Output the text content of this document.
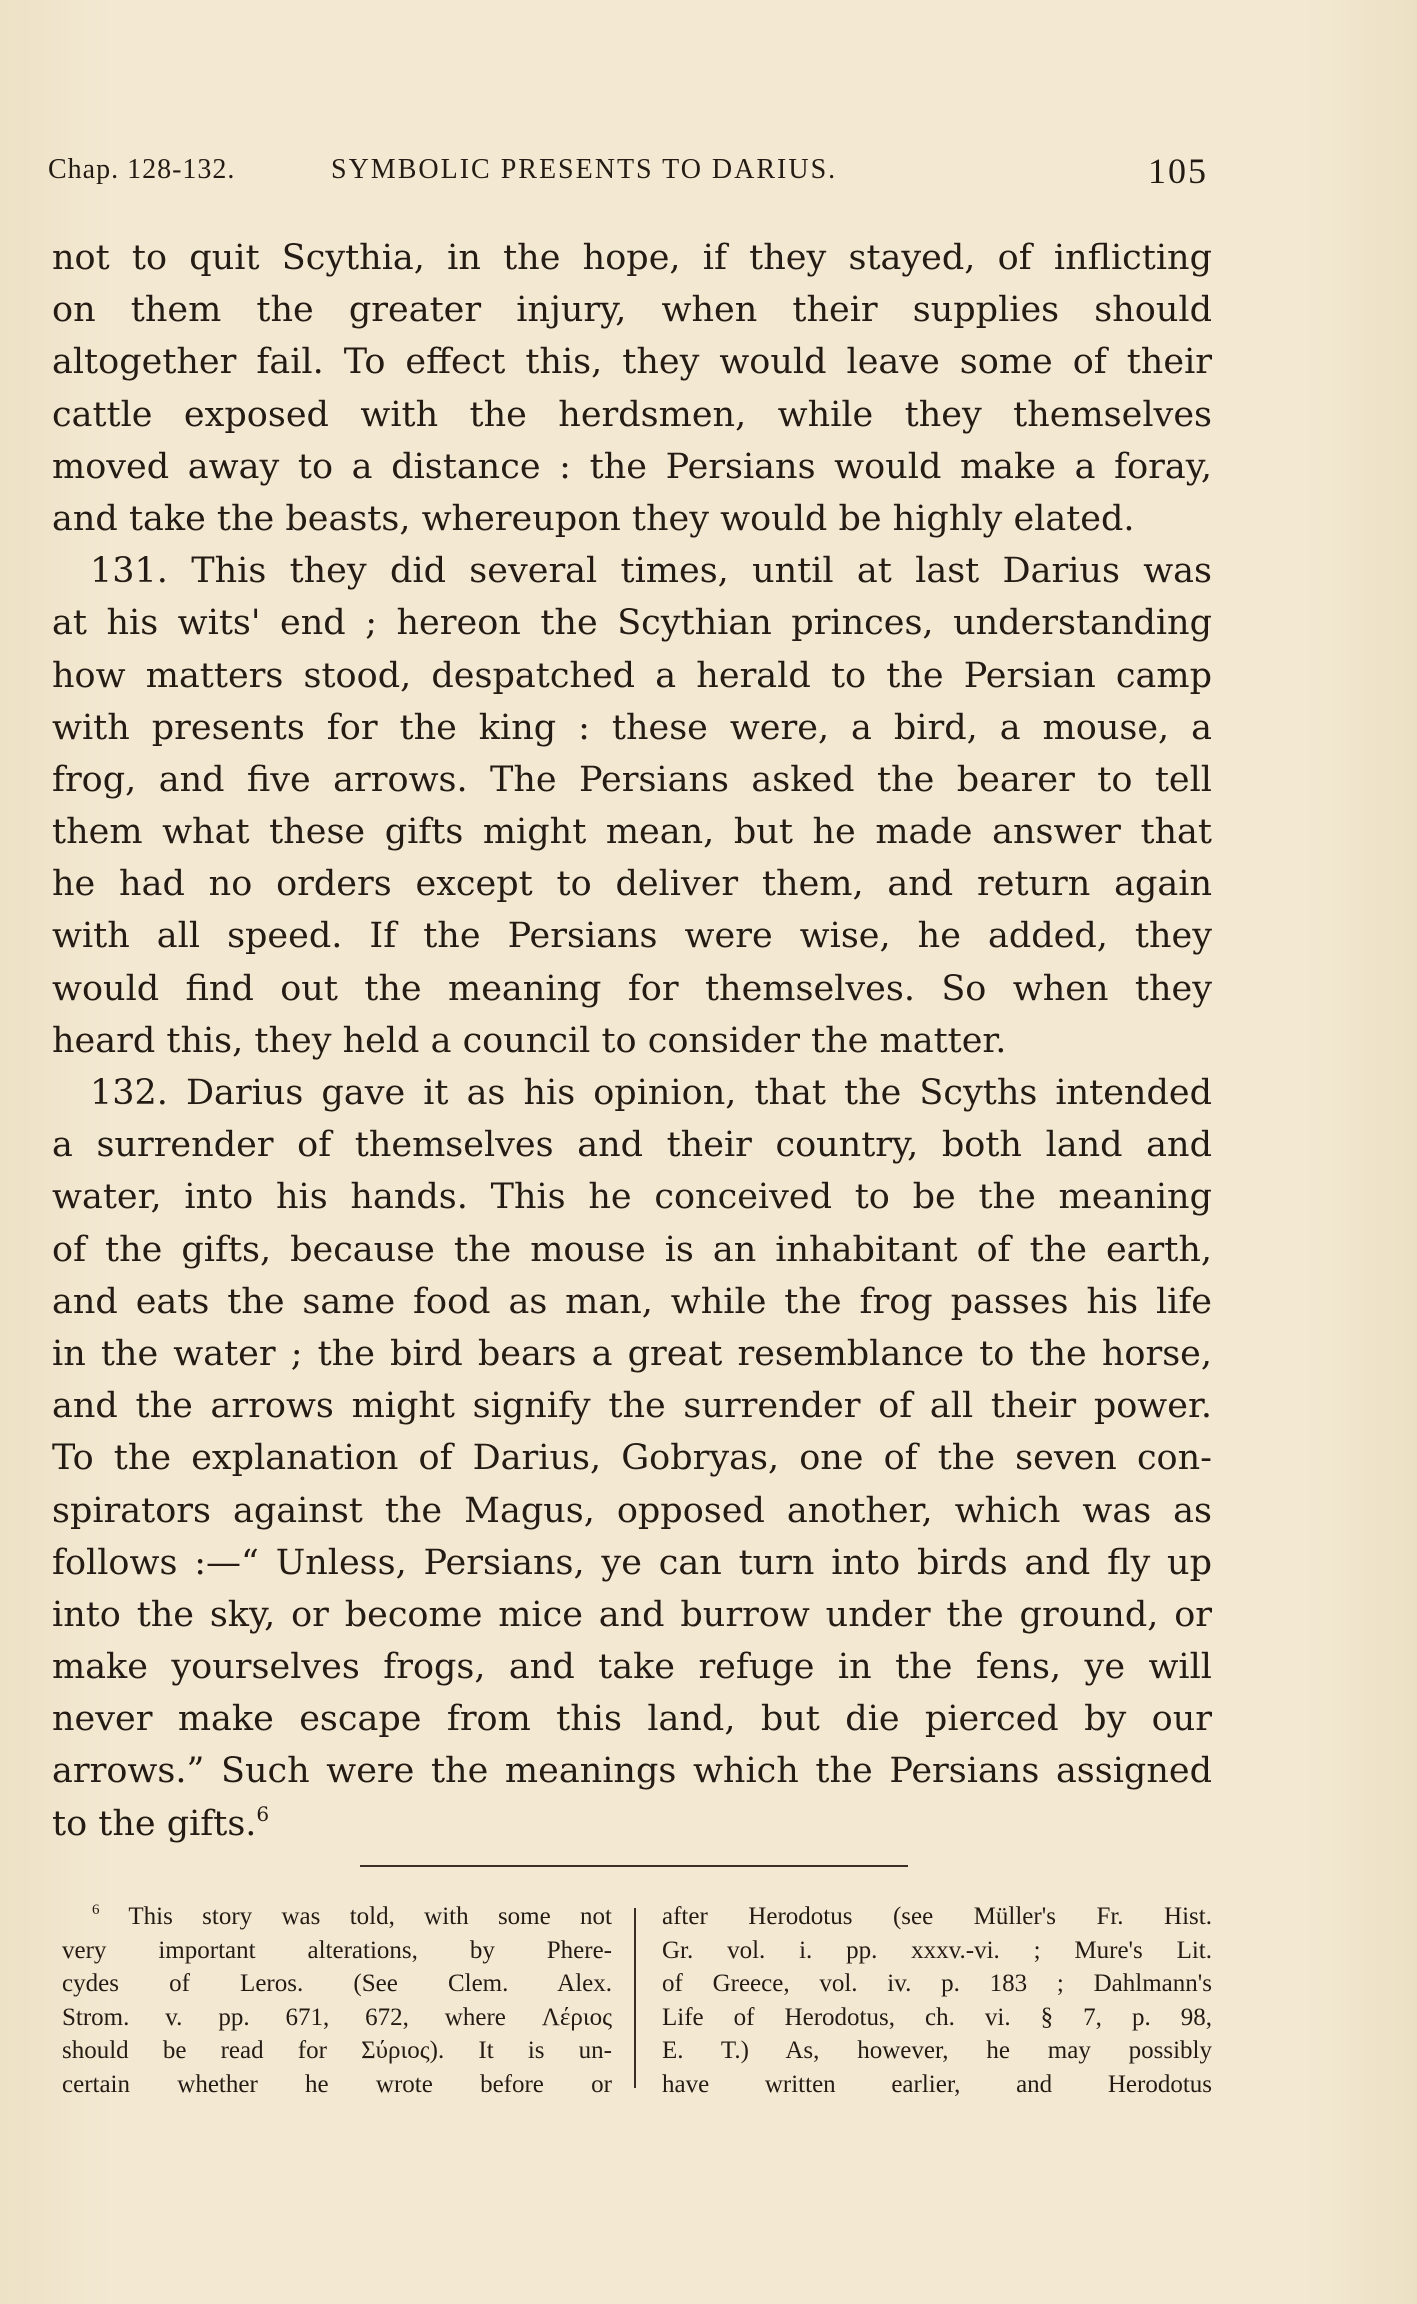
Chap. 128-132.	SYMBOLIC PRESENTS TO DARIUS.	105
not to quit Scythia, in the hope, if they stayed, of inflicting
on them the greater injury, when their supplies should
altogether fail. To effect this, they would leave some of their
cattle exposed with the herdsmen, while they themselves
moved away to a distance : the Persians would make a foray,
and take the beasts, whereupon they would be highly elated.
131. This they did several times, until at last Darius was
at his wits' end ; hereon the Scythian princes, understanding
how matters stood, despatched a herald to the Persian camp
with presents for the king : these were, a bird, a mouse, a
frog, and five arrows. The Persians asked the bearer to tell
them what these gifts might mean, but he made answer that
he had no orders except to deliver them, and return again
with all speed. If the Persians were wise, he added, they
would find out the meaning for themselves. So when they
heard this, they held a council to consider the matter.
132. Darius gave it as his opinion, that the Scyths intended
a surrender of themselves and their country, both land and
water, into his hands. This he conceived to be the meaning
of the gifts, because the mouse is an inhabitant of the earth,
and eats the same food as man, while the frog passes his life
in the water ; the bird bears a great resemblance to the horse,
and the arrows might signify the surrender of all their power.
To the explanation of Darius, Gobryas, one of the seven con-
spirators against the Magus, opposed another, which was as
follows :—“ Unless, Persians, ye can turn into birds and fly up
into the sky, or become mice and burrow under the ground, or
make yourselves frogs, and take refuge in the fens, ye will
never make escape from this land, but die pierced by our
arrows.” Such were the meanings which the Persians assigned
to the gifts.$^6$
$^6$ This story was told, with some not
very important alterations, by Phere-
cydes of Leros. (See Clem. Alex.
Strom. v. pp. 671, 672, where Λέριος
should be read for Σύριος). It is un-
certain whether he wrote before or
after Herodotus (see Müller's Fr. Hist.
Gr. vol. i. pp. xxxv.-vi. ; Mure's Lit.
of Greece, vol. iv. p. 183 ; Dahlmann's
Life of Herodotus, ch. vi. § 7, p. 98,
E. T.) As, however, he may possibly
have written earlier, and Herodotus
